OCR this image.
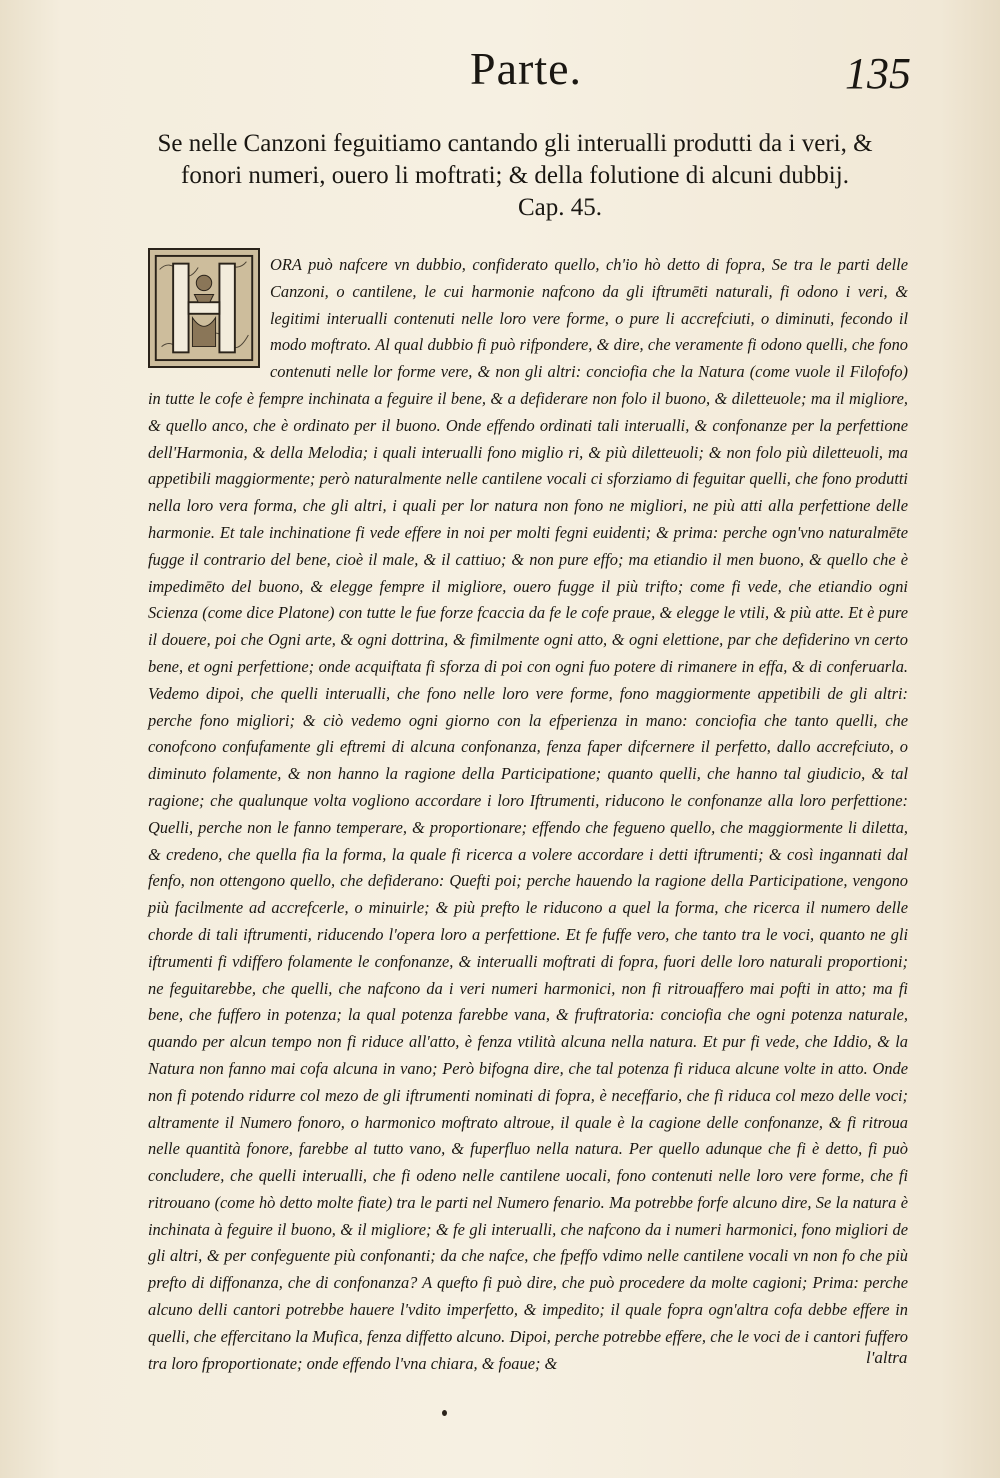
Parte.	135
Se nelle Canzoni feguitiamo cantando gli interualli produtti da i veri, & fonori numeri, ouero li moftrati; & della folutione di alcuni dubbij. Cap. 45.

ORA può nafcere vn dubbio, confiderato quello, ch'io hò detto di fopra, Se tra le parti delle Canzoni, o cantilene, le cui harmonie nafcono da gli iftrumēti naturali, fi odono i veri, & legitimi interualli contenuti nelle loro vere forme, o pure li accrefciuti, o diminuti, fecondo il modo moftrato. Al qual dubbio fi può rifpondere, & dire, che veramente fi odono quelli, che fono contenuti nelle lor forme vere, & non gli altri: conciofia che la Natura (come vuole il Filofofo) in tutte le cofe è fempre inchinata a feguire il bene, & a defiderare non folo il buono, & diletteuole; ma il migliore, & quello anco, che è ordinato per il buono. Onde effendo ordinati tali interualli, & confonanze per la perfettione dell'Harmonia, & della Melodia; i quali interualli fono miglio ri, & più diletteuoli; & non folo più diletteuoli, ma appetibili maggiormente; però naturalmente nelle cantilene vocali ci sforziamo di feguitar quelli, che fono produtti nella loro vera forma, che gli altri, i quali per lor natura non fono ne migliori, ne più atti alla perfettione delle harmonie. Et tale inchinatione fi vede effere in noi per molti fegni euidenti; & prima: perche ogn'vno naturalmēte fugge il contrario del bene, cioè il male, & il cattiuo; & non pure effo; ma etiandio il men buono, & quello che è impedimēto del buono, & elegge fempre il migliore, ouero fugge il più trifto; come fi vede, che etiandio ogni Scienza (come dice Platone) con tutte le fue forze fcaccia da fe le cofe praue, & elegge le vtili, & più atte. Et è pure il douere, poi che Ogni arte, & ogni dottrina, & fimilmente ogni atto, & ogni elettione, par che defiderino vn certo bene, et ogni perfettione; onde acquiftata fi sforza di poi con ogni fuo potere di rimanere in effa, & di conferuarla. Vedemo dipoi, che quelli interualli, che fono nelle loro vere forme, fono maggiormente appetibili de gli altri: perche fono migliori; & ciò vedemo ogni giorno con la efperienza in mano: conciofia che tanto quelli, che conofcono confufamente gli eftremi di alcuna confonanza, fenza faper difcernere il perfetto, dallo accrefciuto, o diminuto folamente, & non hanno la ragione della Participatione; quanto quelli, che hanno tal giudicio, & tal ragione; che qualunque volta vogliono accordare i loro Iftrumenti, riducono le confonanze alla loro perfettione: Quelli, perche non le fanno temperare, & proportionare; effendo che fegueno quello, che maggiormente li diletta, & credeno, che quella fia la forma, la quale fi ricerca a volere accordare i detti iftrumenti; & così ingannati dal fenfo, non ottengono quello, che defiderano: Quefti poi; perche hauendo la ragione della Participatione, vengono più facilmente ad accrefcerle, o minuirle; & più prefto le riducono a quel la forma, che ricerca il numero delle chorde di tali iftrumenti, riducendo l'opera loro a perfettione. Et fe fuffe vero, che tanto tra le voci, quanto ne gli iftrumenti fi vdiffero folamente le confonanze, & interualli moftrati di fopra, fuori delle loro naturali proportioni; ne feguitarebbe, che quelli, che nafcono da i veri numeri harmonici, non fi ritrouaffero mai pofti in atto; ma fi bene, che fuffero in potenza; la qual potenza farebbe vana, & fruftratoria: conciofia che ogni potenza naturale, quando per alcun tempo non fi riduce all'atto, è fenza vtilità alcuna nella natura. Et pur fi vede, che Iddio, & la Natura non fanno mai cofa alcuna in vano; Però bifogna dire, che tal potenza fi riduca alcune volte in atto. Onde non fi potendo ridurre col mezo de gli iftrumenti nominati di fopra, è neceffario, che fi riduca col mezo delle voci; altramente il Numero fonoro, o harmonico moftrato altroue, il quale è la cagione delle confonanze, & fi ritroua nelle quantità fonore, farebbe al tutto vano, & fuperfluo nella natura. Per quello adunque che fi è detto, fi può concludere, che quelli interualli, che fi odeno nelle cantilene uocali, fono contenuti nelle loro vere forme, che fi ritrouano (come hò detto molte fiate) tra le parti nel Numero fenario. Ma potrebbe forfe alcuno dire, Se la natura è inchinata à feguire il buono, & il migliore; & fe gli interualli, che nafcono da i numeri harmonici, fono migliori de gli altri, & per confeguente più confonanti; da che nafce, che fpeffo vdimo nelle cantilene vocali vn non fo che più prefto di diffonanza, che di confonanza? A quefto fi può dire, che può procedere da molte cagioni; Prima: perche alcuno delli cantori potrebbe hauere l'vdito imperfetto, & impedito; il quale fopra ogn'altra cofa debbe effere in quelli, che effercitano la Mufica, fenza diffetto alcuno. Dipoi, perche potrebbe effere, che le voci de i cantori fuffero tra loro fproportionate; onde effendo l'vna chiara, & foaue; &	l'altra
